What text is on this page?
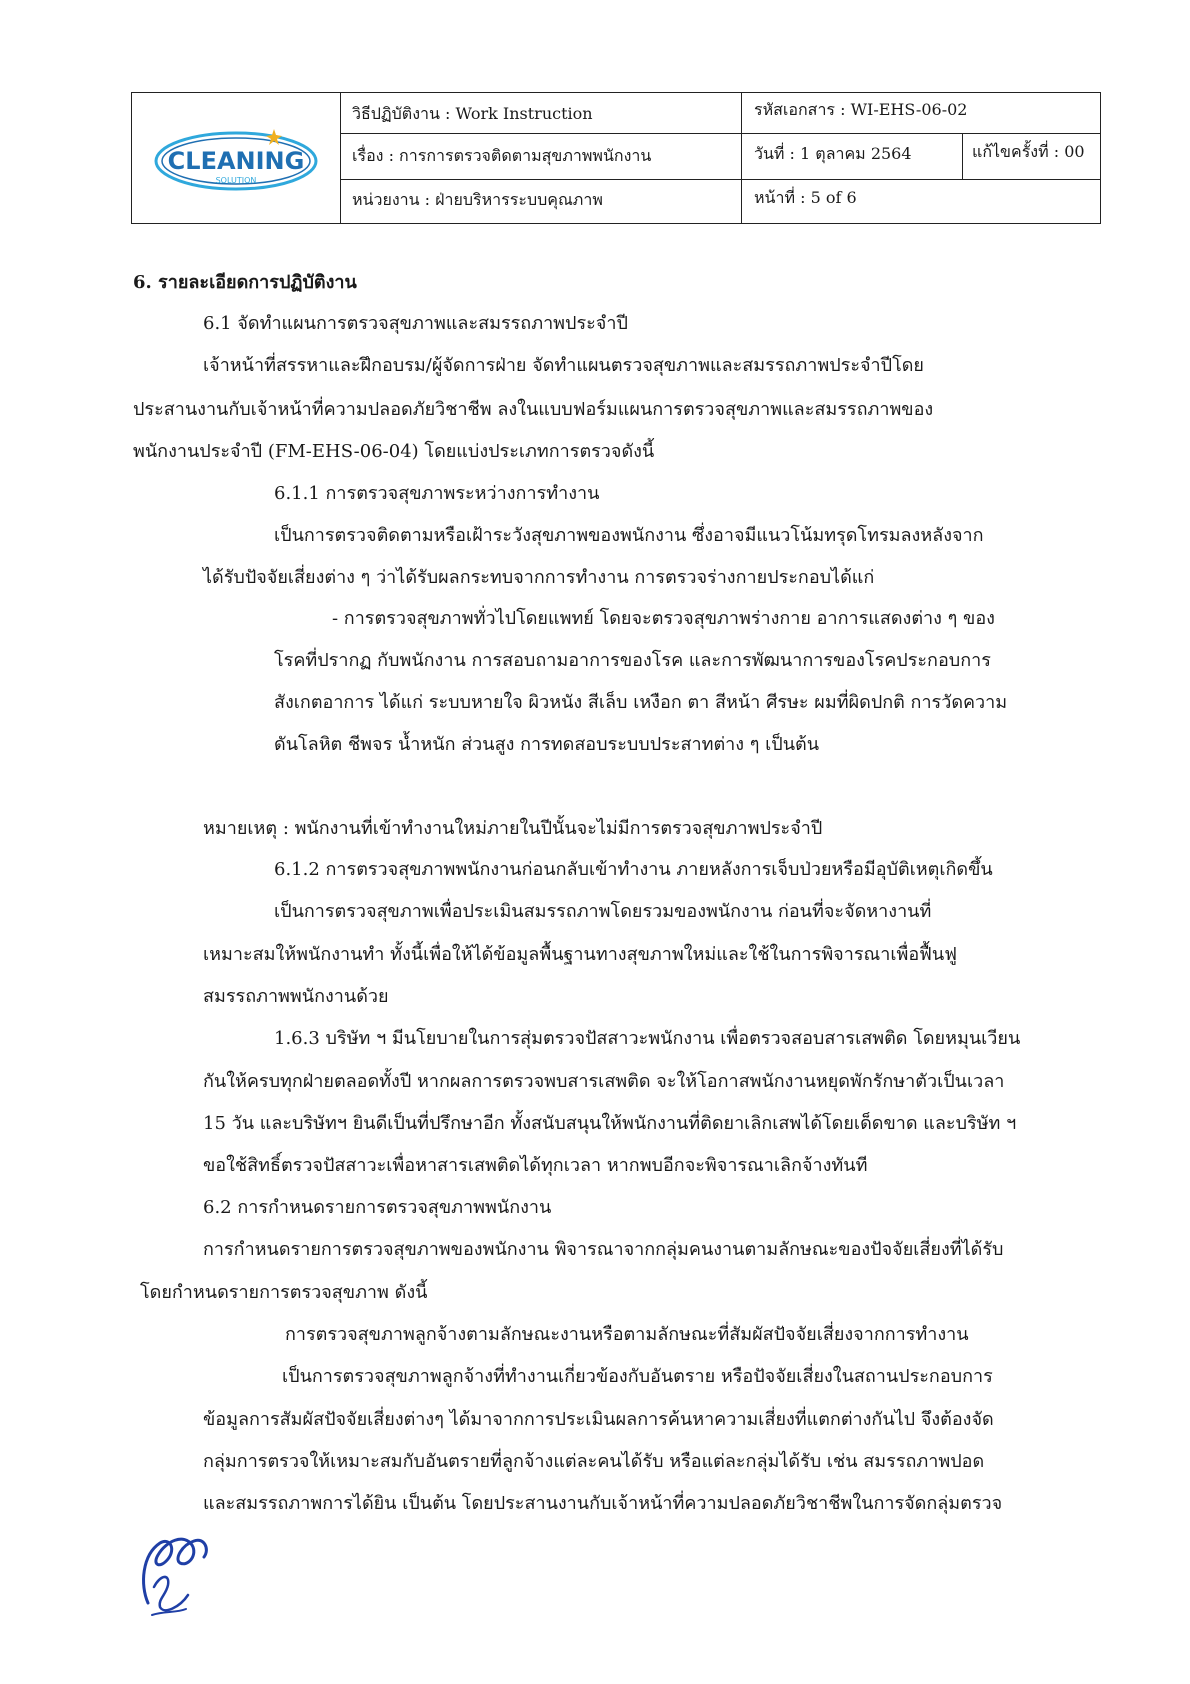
CLEANING
SOLUTION
วิธีปฏิบัติงาน : Work Instruction	รหัสเอกสาร : WI-EHS-06-02
เรื่อง : การการตรวจติดตามสุขภาพพนักงาน	วันที่ : 1 ตุลาคม 2564	แก้ไขครั้งที่ : 00
หน่วยงาน : ฝ่ายบริหารระบบคุณภาพ	หน้าที่ : 5 of 6
6. รายละเอียดการปฏิบัติงาน
6.1 จัดทำแผนการตรวจสุขภาพและสมรรถภาพประจำปี
เจ้าหน้าที่สรรหาและฝึกอบรม/ผู้จัดการฝ่าย จัดทำแผนตรวจสุขภาพและสมรรถภาพประจำปีโดย
ประสานงานกับเจ้าหน้าที่ความปลอดภัยวิชาชีพ ลงในแบบฟอร์มแผนการตรวจสุขภาพและสมรรถภาพของ
พนักงานประจำปี (FM-EHS-06-04) โดยแบ่งประเภทการตรวจดังนี้
6.1.1 การตรวจสุขภาพระหว่างการทำงาน
เป็นการตรวจติดตามหรือเฝ้าระวังสุขภาพของพนักงาน ซึ่งอาจมีแนวโน้มทรุดโทรมลงหลังจาก
ได้รับปัจจัยเสี่ยงต่าง ๆ ว่าได้รับผลกระทบจากการทำงาน การตรวจร่างกายประกอบได้แก่
- การตรวจสุขภาพทั่วไปโดยแพทย์ โดยจะตรวจสุขภาพร่างกาย อาการแสดงต่าง ๆ ของ
โรคที่ปรากฏ กับพนักงาน การสอบถามอาการของโรค และการพัฒนาการของโรคประกอบการ
สังเกตอาการ ได้แก่ ระบบหายใจ ผิวหนัง สีเล็บ เหงือก ตา สีหน้า ศีรษะ ผมที่ผิดปกติ การวัดความ
ดันโลหิต ชีพจร น้ำหนัก ส่วนสูง การทดสอบระบบประสาทต่าง ๆ เป็นต้น
หมายเหตุ : พนักงานที่เข้าทำงานใหม่ภายในปีนั้นจะไม่มีการตรวจสุขภาพประจำปี
6.1.2 การตรวจสุขภาพพนักงานก่อนกลับเข้าทำงาน ภายหลังการเจ็บป่วยหรือมีอุบัติเหตุเกิดขึ้น
เป็นการตรวจสุขภาพเพื่อประเมินสมรรถภาพโดยรวมของพนักงาน ก่อนที่จะจัดหางานที่
เหมาะสมให้พนักงานทำ ทั้งนี้เพื่อให้ได้ข้อมูลพื้นฐานทางสุขภาพใหม่และใช้ในการพิจารณาเพื่อฟื้นฟู
สมรรถภาพพนักงานด้วย
1.6.3 บริษัท ฯ มีนโยบายในการสุ่มตรวจปัสสาวะพนักงาน เพื่อตรวจสอบสารเสพติด โดยหมุนเวียน
กันให้ครบทุกฝ่ายตลอดทั้งปี หากผลการตรวจพบสารเสพติด จะให้โอกาสพนักงานหยุดพักรักษาตัวเป็นเวลา
15 วัน และบริษัทฯ ยินดีเป็นที่ปรึกษาอีก ทั้งสนับสนุนให้พนักงานที่ติดยาเลิกเสพได้โดยเด็ดขาด และบริษัท ฯ
ขอใช้สิทธิ์ตรวจปัสสาวะเพื่อหาสารเสพติดได้ทุกเวลา หากพบอีกจะพิจารณาเลิกจ้างทันที
6.2 การกำหนดรายการตรวจสุขภาพพนักงาน
การกำหนดรายการตรวจสุขภาพของพนักงาน พิจารณาจากกลุ่มคนงานตามลักษณะของปัจจัยเสี่ยงที่ได้รับ
โดยกำหนดรายการตรวจสุขภาพ ดังนี้
การตรวจสุขภาพลูกจ้างตามลักษณะงานหรือตามลักษณะที่สัมผัสปัจจัยเสี่ยงจากการทำงาน
เป็นการตรวจสุขภาพลูกจ้างที่ทำงานเกี่ยวข้องกับอันตราย หรือปัจจัยเสี่ยงในสถานประกอบการ
ข้อมูลการสัมผัสปัจจัยเสี่ยงต่างๆ ได้มาจากการประเมินผลการค้นหาความเสี่ยงที่แตกต่างกันไป จึงต้องจัด
กลุ่มการตรวจให้เหมาะสมกับอันตรายที่ลูกจ้างแต่ละคนได้รับ หรือแต่ละกลุ่มได้รับ เช่น สมรรถภาพปอด
และสมรรถภาพการได้ยิน เป็นต้น โดยประสานงานกับเจ้าหน้าที่ความปลอดภัยวิชาชีพในการจัดกลุ่มตรวจ
